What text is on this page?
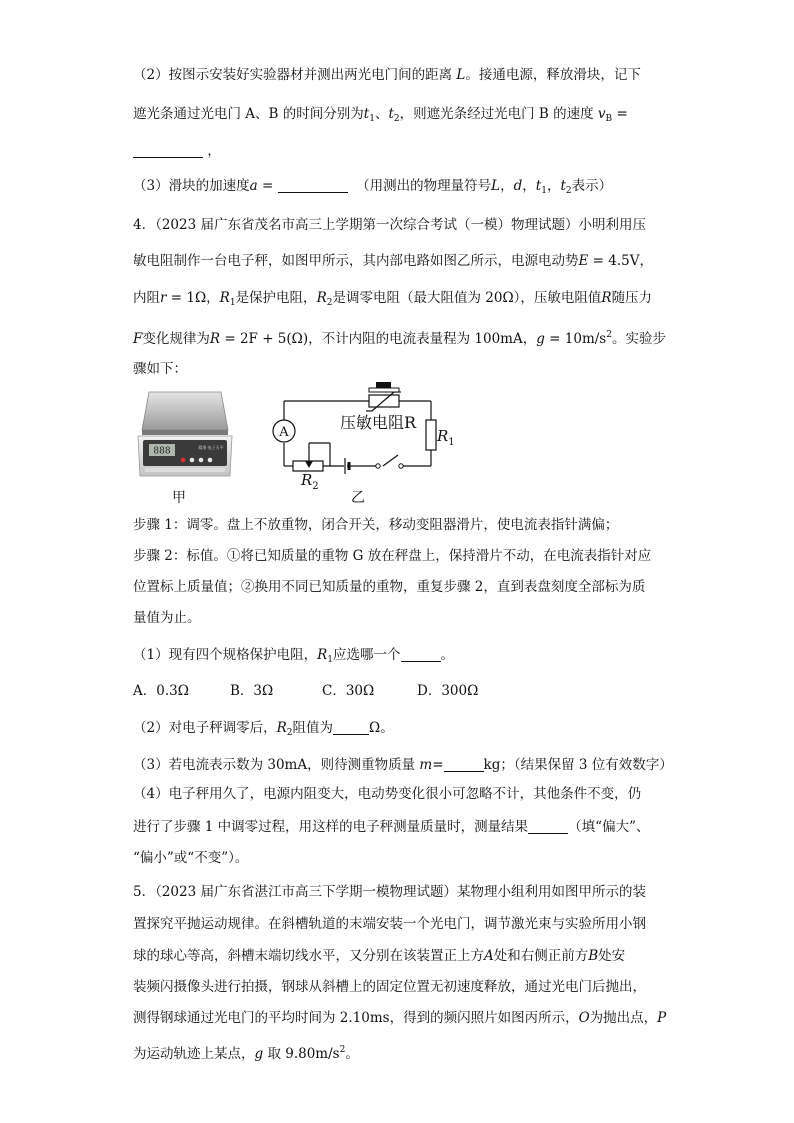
（2）按图示安装好实验器材并测出两光电门间的距离 L。接通电源，释放滑块，记下
遮光条通过光电门 A、B 的时间分别为$t_1$、$t_2$，则遮光条经过光电门 B 的速度 $v_B$ =
，
（3）滑块的加速度a =	（用测出的物理量符号L，d，$t_1$，$t_2$表示）
4．（2023 届广东省茂名市高三上学期第一次综合考试（一模）物理试题）小明利用压
敏电阻制作一台电子秤，如图甲所示，其内部电路如图乙所示，电源电动势E = 4.5V，
内阻r = 1Ω，$R_1$是保护电阻，$R_2$是调零电阻（最大阻值为 20Ω），压敏电阻值R随压力
F变化规律为R = 2F + 5(Ω)，不计内阻的电流表量程为 100mA，$g = 10m/s^2$。实验步
骤如下：
888	精准·电子天平
甲
A
压敏电阻R
$R_1$
$R_2$
乙
步骤 1：调零。盘上不放重物，闭合开关，移动变阻器滑片，使电流表指针满偏；
步骤 2：标值。①将已知质量的重物 G 放在秤盘上，保持滑片不动，在电流表指针对应
位置标上质量值；②换用不同已知质量的重物，重复步骤 2，直到表盘刻度全部标为质
量值为止。
（1）现有四个规格保护电阻，$R_1$应选哪一个	。
A．0.3Ω	B．3Ω	C．30Ω	D．300Ω
（2）对电子秤调零后，$R_2$阻值为	Ω。
（3）若电流表示数为 30mA，则待测重物质量 m=	kg；（结果保留 3 位有效数字）
（4）电子秤用久了，电源内阻变大，电动势变化很小可忽略不计，其他条件不变，仍
进行了步骤 1 中调零过程，用这样的电子秤测量质量时，测量结果	（填“偏大”、
“偏小”或“不变”）。
5．（2023 届广东省湛江市高三下学期一模物理试题）某物理小组利用如图甲所示的装
置探究平抛运动规律。在斜槽轨道的末端安装一个光电门，调节激光束与实验所用小钢
球的球心等高，斜槽末端切线水平，又分别在该装置正上方A处和右侧正前方B处安
装频闪摄像头进行拍摄，钢球从斜槽上的固定位置无初速度释放，通过光电门后抛出，
测得钢球通过光电门的平均时间为 2.10ms，得到的频闪照片如图丙所示，O为抛出点，P
为运动轨迹上某点，g 取 $9.80m/s^2$。
